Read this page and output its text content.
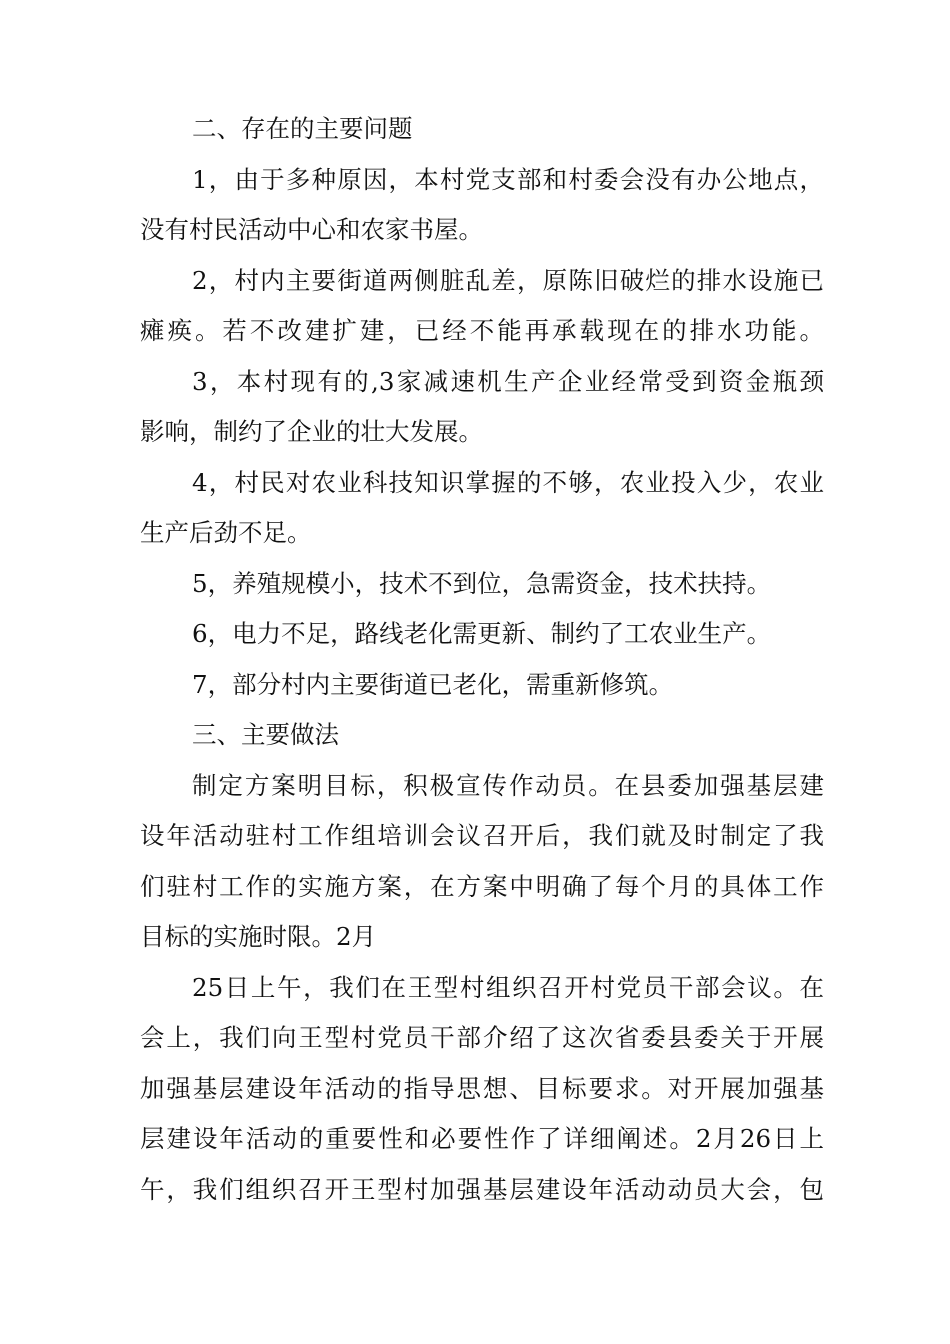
二、存在的主要问题
1，由于多种原因，本村党支部和村委会没有办公地点，
没有村民活动中心和农家书屋。
2，村内主要街道两侧脏乱差，原陈旧破烂的排水设施已
瘫痪。若不改建扩建，已经不能再承载现在的排水功能。
3，本村现有的,3家减速机生产企业经常受到资金瓶颈
影响，制约了企业的壮大发展。
4，村民对农业科技知识掌握的不够，农业投入少，农业
生产后劲不足。
5，养殖规模小，技术不到位，急需资金，技术扶持。
6，电力不足，路线老化需更新、制约了工农业生产。
7，部分村内主要街道已老化，需重新修筑。
三、主要做法
制定方案明目标，积极宣传作动员。在县委加强基层建
设年活动驻村工作组培训会议召开后，我们就及时制定了我
们驻村工作的实施方案，在方案中明确了每个月的具体工作
目标的实施时限。2月
25日上午，我们在王型村组织召开村党员干部会议。在
会上，我们向王型村党员干部介绍了这次省委县委关于开展
加强基层建设年活动的指导思想、目标要求。对开展加强基
层建设年活动的重要性和必要性作了详细阐述。2月26日上
午，我们组织召开王型村加强基层建设年活动动员大会，包
